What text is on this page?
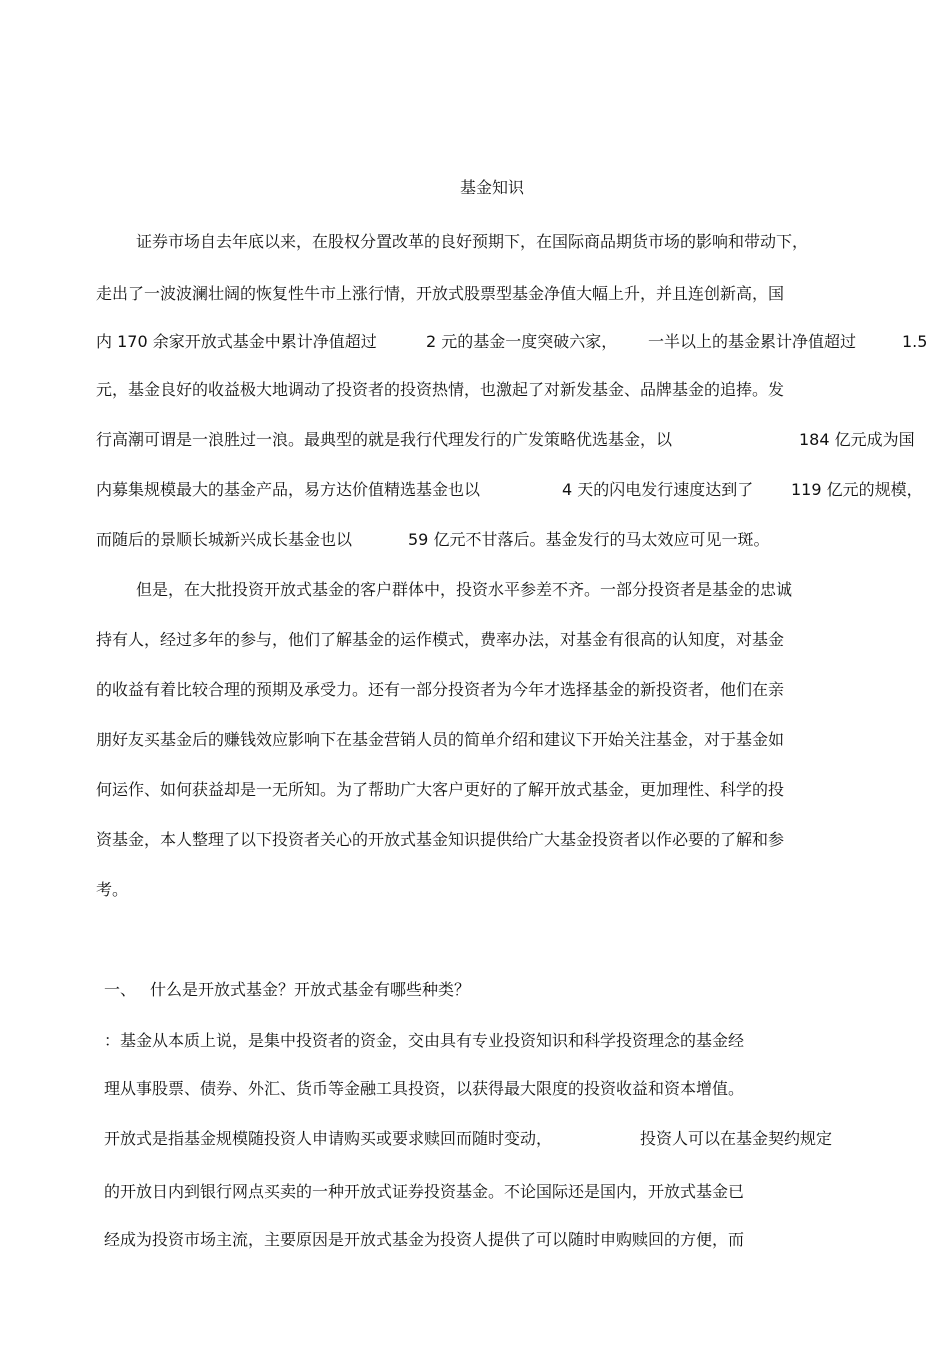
基金知识
证券市场自去年底以来，在股权分置改革的良好预期下，在国际商品期货市场的影响和带动下，
走出了一波波澜壮阔的恢复性牛市上涨行情，开放式股票型基金净值大幅上升，并且连创新高，国
内 170 余家开放式基金中累计净值超过	2 元的基金一度突破六家， 一半以上的基金累计净值超过	1.5
元，基金良好的收益极大地调动了投资者的投资热情，也激起了对新发基金、品牌基金的追捧。发
行高潮可谓是一浪胜过一浪。最典型的就是我行代理发行的广发策略优选基金，以	184 亿元成为国
内募集规模最大的基金产品，易方达价值精选基金也以	4 天的闪电发行速度达到了 119 亿元的规模，
而随后的景顺长城新兴成长基金也以	59 亿元不甘落后。基金发行的马太效应可见一斑。
但是，在大批投资开放式基金的客户群体中，投资水平参差不齐。一部分投资者是基金的忠诚
持有人，经过多年的参与，他们了解基金的运作模式，费率办法，对基金有很高的认知度，对基金
的收益有着比较合理的预期及承受力。还有一部分投资者为今年才选择基金的新投资者，他们在亲
朋好友买基金后的赚钱效应影响下在基金营销人员的简单介绍和建议下开始关注基金，对于基金如
何运作、如何获益却是一无所知。为了帮助广大客户更好的了解开放式基金，更加理性、科学的投
资基金，本人整理了以下投资者关心的开放式基金知识提供给广大基金投资者以作必要的了解和参
考。
一、 什么是开放式基金？开放式基金有哪些种类？
：基金从本质上说，是集中投资者的资金，交由具有专业投资知识和科学投资理念的基金经
理从事股票、债券、外汇、货币等金融工具投资，以获得最大限度的投资收益和资本增值。
开放式是指基金规模随投资人申请购买或要求赎回而随时变动，	投资人可以在基金契约规定
的开放日内到银行网点买卖的一种开放式证券投资基金。不论国际还是国内，开放式基金已
经成为投资市场主流，主要原因是开放式基金为投资人提供了可以随时申购赎回的方便，而
